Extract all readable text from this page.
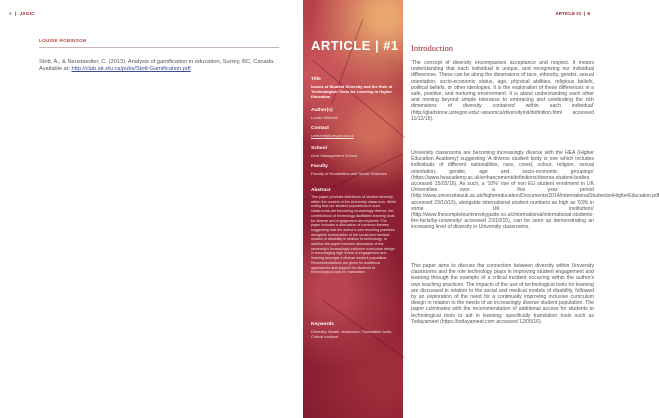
5  |  JAGIC
LOUISE ROBINSON
Stott, A., & Neustaedter, C. (2013). Analysis of gamification in education, Surrey, BC, Canada. Available at: http://clab.iat.sfu.ca/pubs/Stott-Gamification.pdf
ARTICLE | #1
Title
Issues of Student Diversity and the Role of Technological Tools for Learning in Higher Education
Author(s)
Louise Mitchell
Contact
l.mitchell@uregon.ac.uk
School
Kent Management School
Faculty
Faculty of Humanities and Social Sciences
Abstract
This paper provides definitions of student diversity within the context of the University classroom. While noting that our student populations in such classrooms are becoming increasingly diverse, the contributions of technology-facilitated learning tools for diverse and engagement are explored. The paper includes a discussion of common themes suggesting that the author's own teaching practices alongside examination of the social and medical models of disability in relation to technology. In addition the paper includes discussion of the university's increasingly inclusive curriculum design in encouraging high levels of engagement and learning amongst a diverse student population. Recommendations are given for additional approaches and support for students to technological tools for translation.
Keywords
Diversity, Model, classroom, Translation tools, Critical incident
ARTICLE #1  |  6
Introduction
'The concept of diversity encompasses acceptance and respect. It means understanding that each individual is unique, and recognizing our individual differences. These can be along the dimensions of race, ethnicity, gender, sexual orientation, socio-economic status, age, physical abilities, religious beliefs, political beliefs, or other ideologies. It is the exploration of these differences in a safe, positive, and nurturing environment. It is about understanding each other and moving beyond simple tolerance to embracing and celebrating the rich dimensions of diversity contained within each individual' (http://gladstone.uoregon.edu/~asuomca/diversityinit/definition.html accessed 11/12/15).
University classrooms are becoming increasingly diverse with the HEA (Higher Education Academy) suggesting 'A diverse student body is one which includes individuals of different nationalities, race, creed, colour, religion, sexual orientation, gender, age and socio-economic groupings' (https://www.heacademy.ac.uk/enhancement/definitions/diverse-student-bodies accessed 15/02/16). As such, a '10%' rise of non EU student enrolment in UK Universities over a five year period (http://www.universitiesuk.ac.uk/highereducation/Documents/2014/InternationalStudentsinHigherEducation.pdf accessed 23/10/15), alongside international student numbers as high as '63% in some UK institutions' (http://www.thecompleteuniversityguide.co.uk/international/international-students-the-facts/by-university/ accessed 23/10/15), can be seen as demonstrating an increasing level of diversity in University classrooms.
This paper aims to discuss the connection between diversity within University classrooms and the role technology plays in improving student engagement and learning through the example of a critical incident occurring within the author's own teaching practices. The impacts of the use of technological tools for learning are discussed in relation to the social and medical models of disability, followed by an exploration of the need for a continually improving inclusive curriculum design in relation to the needs of an increasingly diverse student population. The paper culminates with the recommendation of additional access for students to technological tools to aid in learning; specifically translation tools such as Todayameet (https://todayameet.com accessed 12/05/16).
